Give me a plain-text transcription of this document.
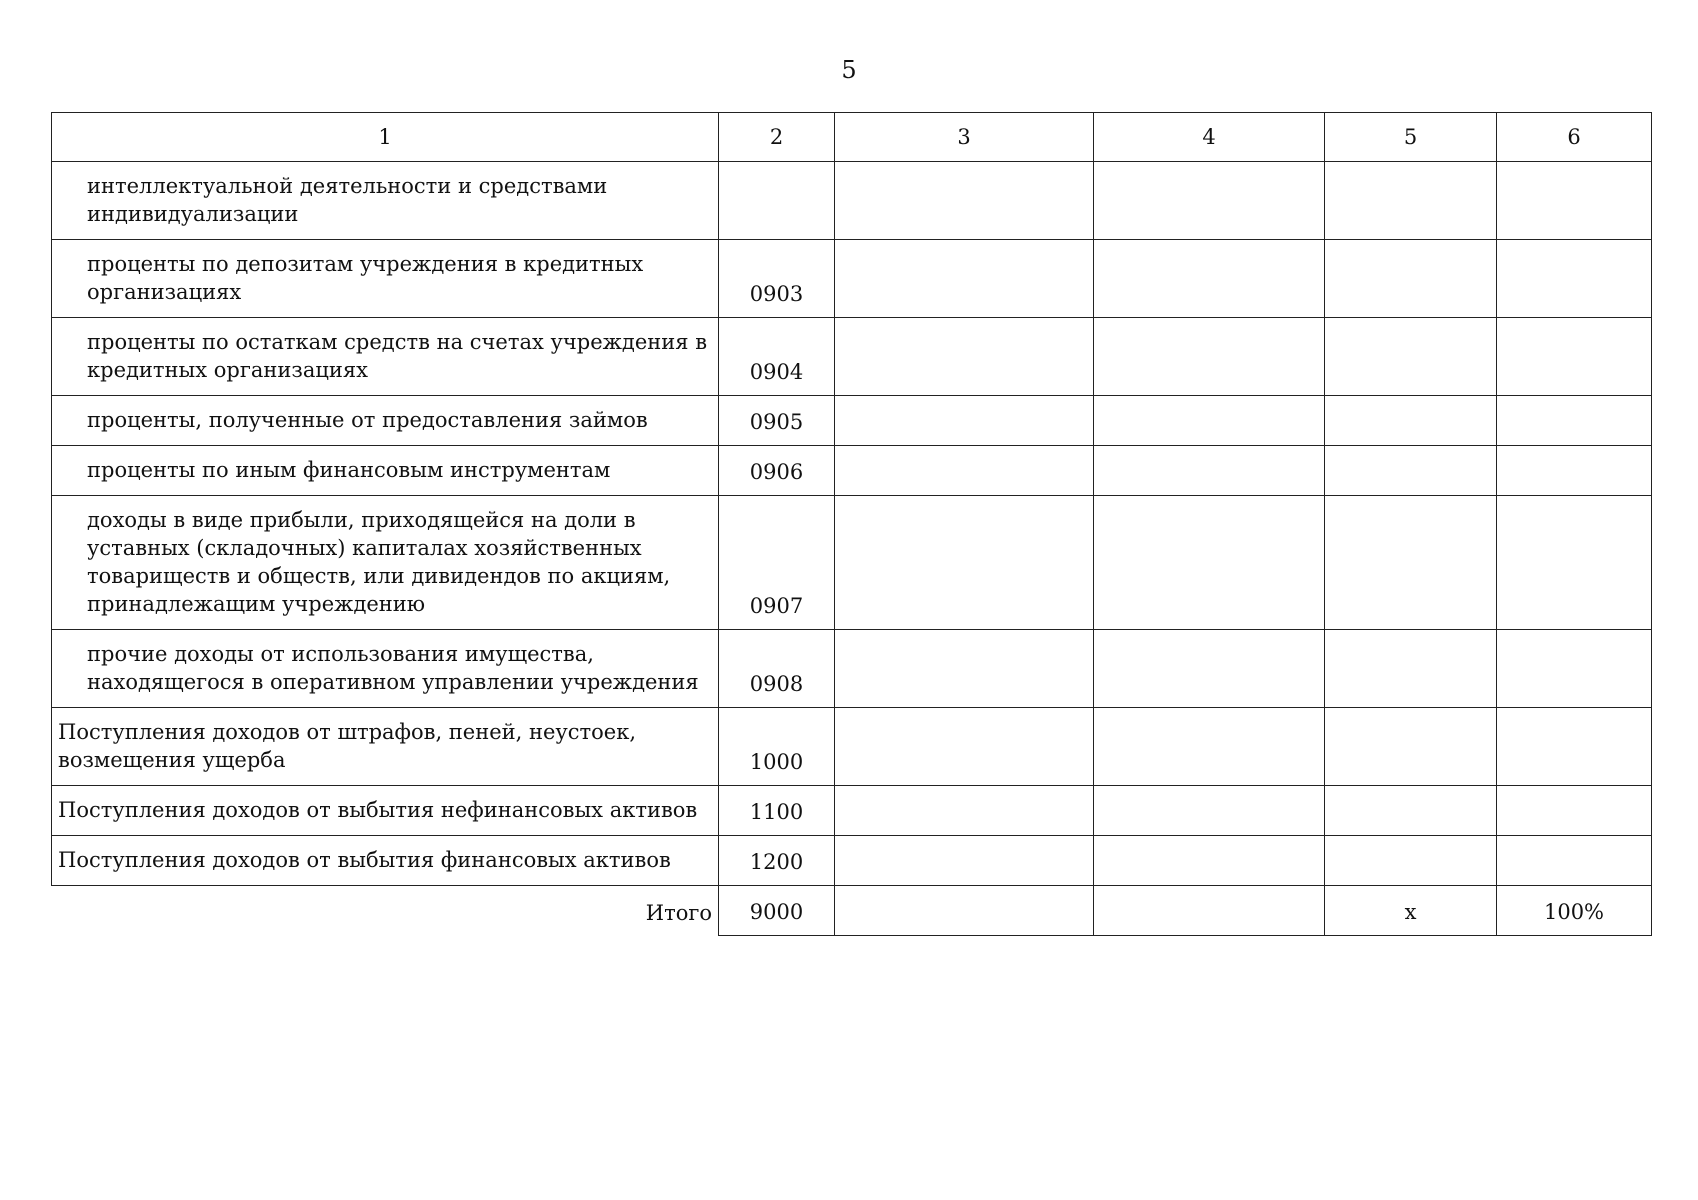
5
1	2	3	4	5	6

интеллектуальной деятельности и средствами индивидуализации					

проценты по депозитам учреждения в кредитных организациях	0903				

проценты по остаткам средств на счетах учреждения в кредитных организациях	0904				

проценты, полученные от предоставления займов	0905				

проценты по иным финансовым инструментам	0906				

доходы в виде прибыли, приходящейся на доли в уставных (складочных) капиталах хозяйственных товариществ и обществ, или дивидендов по акциям, принадлежащим учреждению	0907				

прочие доходы от использования имущества, находящегося в оперативном управлении учреждения	0908				

Поступления доходов от штрафов, пеней, неустоек, возмещения ущерба	1000				

Поступления доходов от выбытия нефинансовых активов	1100				

Поступления доходов от выбытия финансовых активов	1200				
Итого	9000			х	100%
